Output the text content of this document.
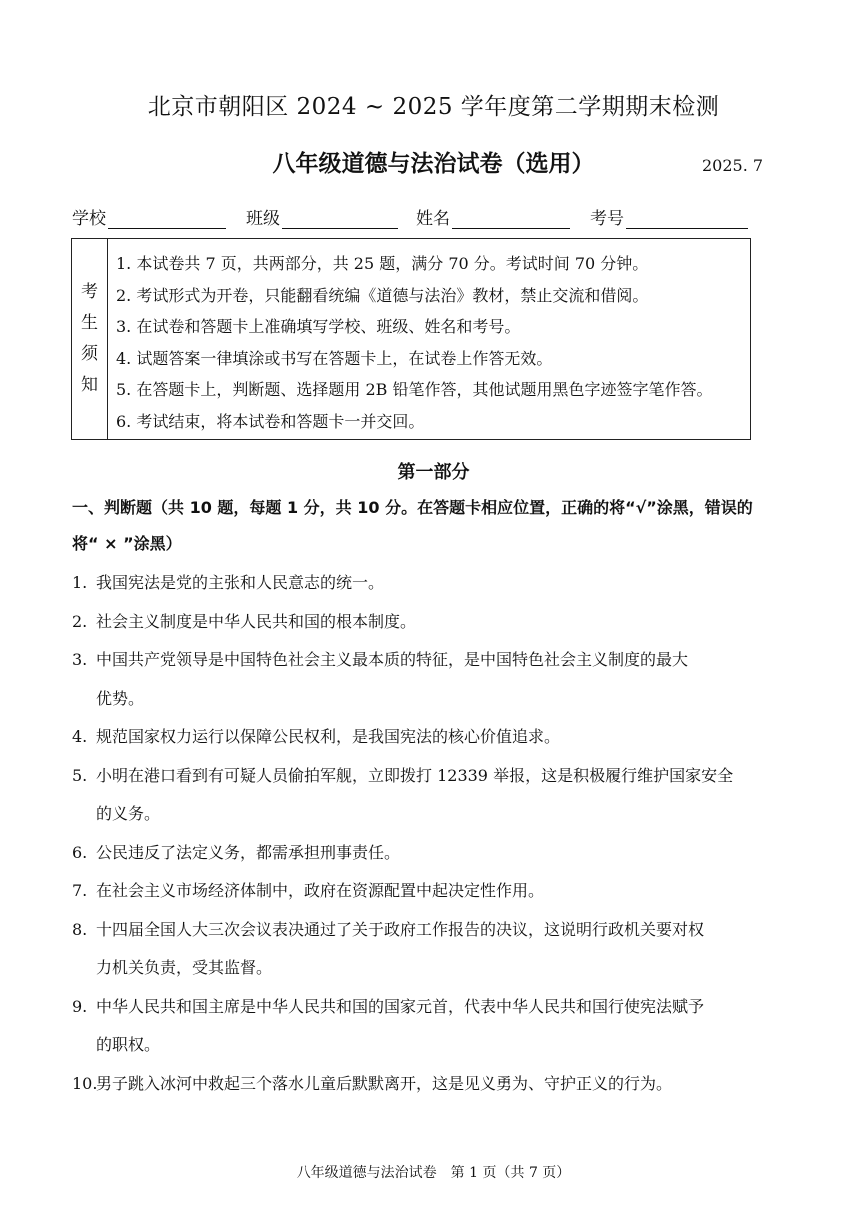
北京市朝阳区 2024 ~ 2025 学年度第二学期期末检测
八年级道德与法治试卷（选用）	2025. 7
学校	班级	姓名	考号
考
生
须
知
1. 本试卷共 7 页，共两部分，共 25 题，满分 70 分。考试时间 70 分钟。
2. 考试形式为开卷，只能翻看统编《道德与法治》教材，禁止交流和借阅。
3. 在试卷和答题卡上准确填写学校、班级、姓名和考号。
4. 试题答案一律填涂或书写在答题卡上，在试卷上作答无效。
5. 在答题卡上，判断题、选择题用 2B 铅笔作答，其他试题用黑色字迹签字笔作答。
6. 考试结束，将本试卷和答题卡一并交回。
第一部分
一、判断题（共 10 题，每题 1 分，共 10 分。在答题卡相应位置，正确的将“√”涂黑，错误的将“ × ”涂黑）
1. 我国宪法是党的主张和人民意志的统一。
2. 社会主义制度是中华人民共和国的根本制度。
3. 中国共产党领导是中国特色社会主义最本质的特征，是中国特色社会主义制度的最大
优势。
4. 规范国家权力运行以保障公民权利，是我国宪法的核心价值追求。
5. 小明在港口看到有可疑人员偷拍军舰，立即拨打 12339 举报，这是积极履行维护国家安全
的义务。
6. 公民违反了法定义务，都需承担刑事责任。
7. 在社会主义市场经济体制中，政府在资源配置中起决定性作用。
8. 十四届全国人大三次会议表决通过了关于政府工作报告的决议，这说明行政机关要对权
力机关负责，受其监督。
9. 中华人民共和国主席是中华人民共和国的国家元首，代表中华人民共和国行使宪法赋予
的职权。
10.
男子跳入冰河中救起三个落水儿童后默默离开，这是见义勇为、守护正义的行为。
八年级道德与法治试卷　第 1 页（共 7 页）
